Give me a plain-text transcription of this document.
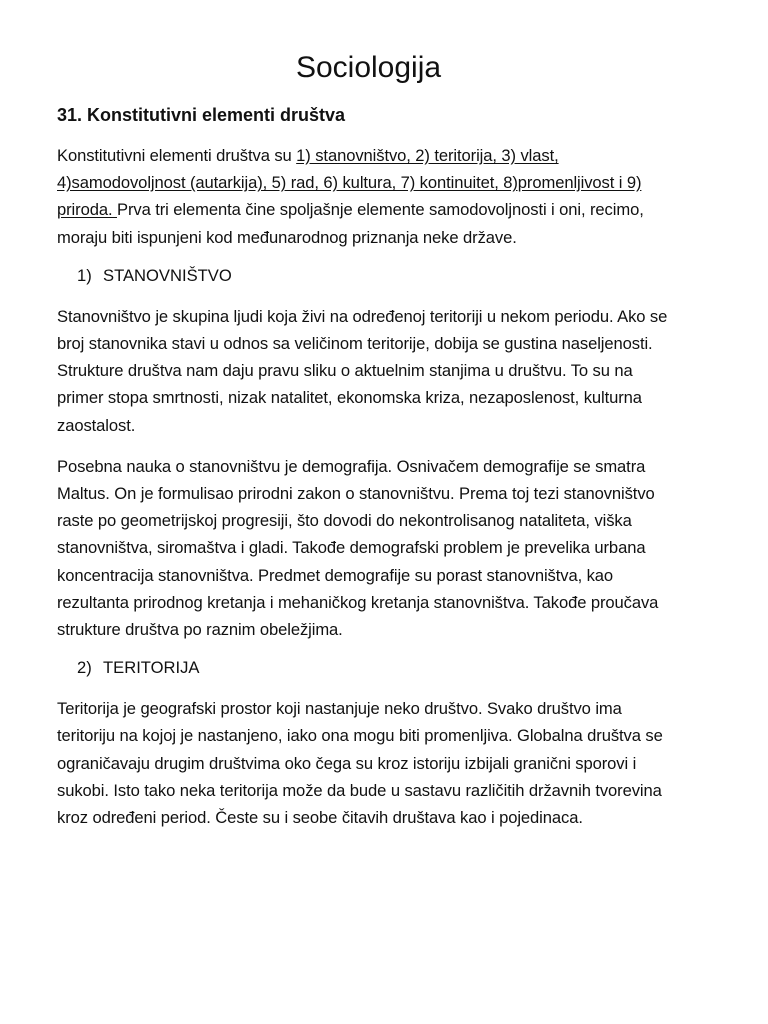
Sociologija
31. Konstitutivni elementi društva

Konstitutivni elementi društva su 1) stanovništvo, 2) teritorija, 3) vlast, 4)samodovoljnost (autarkija), 5) rad, 6) kultura, 7) kontinuitet, 8)promenljivost i 9) priroda. Prva tri elementa čine spoljašnje elemente samodovoljnosti i oni, recimo, moraju biti ispunjeni kod međunarodnog priznanja neke države.

1) STANOVNIŠTVO

Stanovništvo je skupina ljudi koja živi na određenoj teritoriji u nekom periodu. Ako se broj stanovnika stavi u odnos sa veličinom teritorije, dobija se gustina naseljenosti. Strukture društva nam daju pravu sliku o aktuelnim stanjima u društvu. To su na primer stopa smrtnosti, nizak natalitet, ekonomska kriza, nezaposlenost, kulturna zaostalost.

Posebna nauka o stanovništvu je demografija. Osnivačem demografije se smatra Maltus. On je formulisao prirodni zakon o stanovništvu. Prema toj tezi stanovništvo raste po geometrijskoj progresiji, što dovodi do nekontrolisanog nataliteta, viška stanovništva, siromaštva i gladi. Takođe demografski problem je prevelika urbana koncentracija stanovništva. Predmet demografije su porast stanovništva, kao rezultanta prirodnog kretanja i mehaničkog kretanja stanovništva. Takođe proučava strukture društva po raznim obeležjima.

2) TERITORIJA

Teritorija je geografski prostor koji nastanjuje neko društvo. Svako društvo ima teritoriju na kojoj je nastanjeno, iako ona mogu biti promenljiva. Globalna društva se ograničavaju drugim društvima oko čega su kroz istoriju izbijali granični sporovi i sukobi. Isto tako neka teritorija može da bude u sastavu različitih državnih tvorevina kroz određeni period. Česte su i seobe čitavih društava kao i pojedinaca.
